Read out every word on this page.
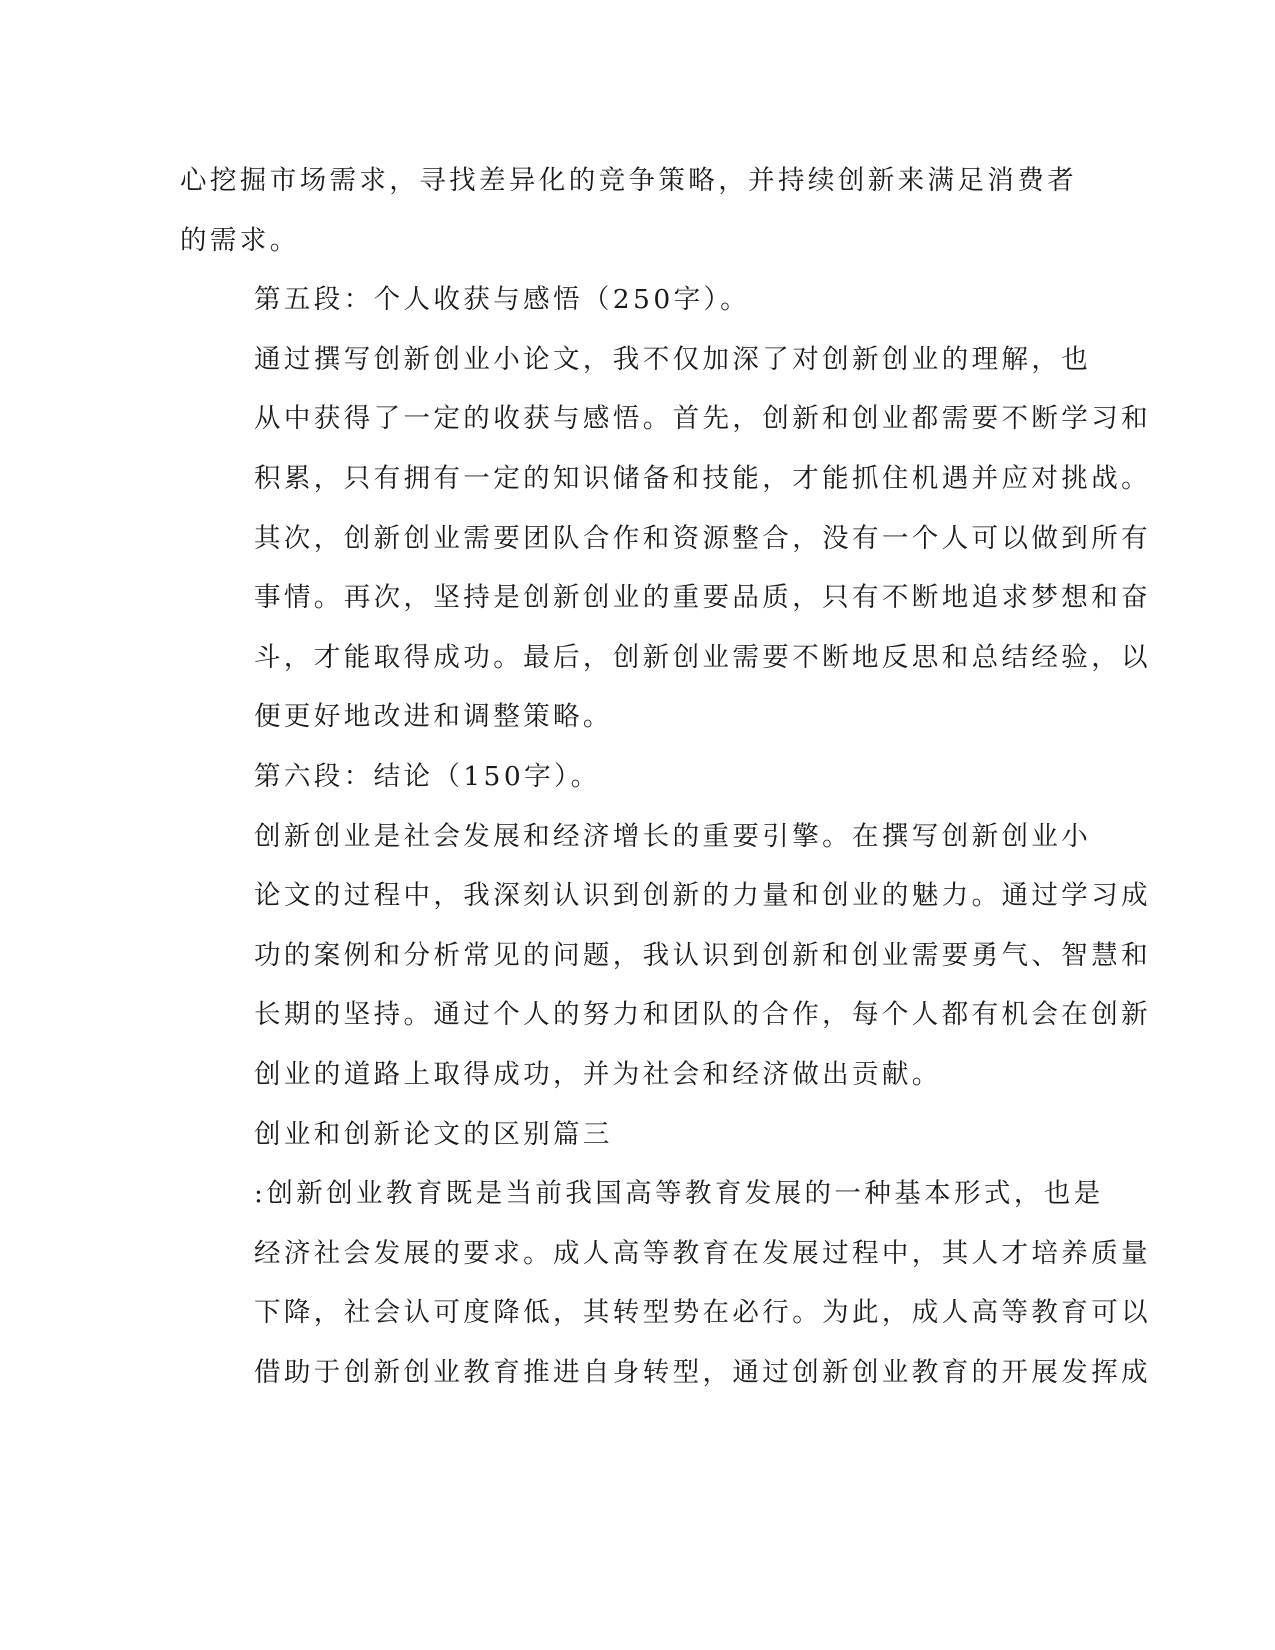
心挖掘市场需求，寻找差异化的竞争策略，并持续创新来满足消费者
的需求。

第五段：个人收获与感悟（250字）。

通过撰写创新创业小论文，我不仅加深了对创新创业的理解，也
从中获得了一定的收获与感悟。首先，创新和创业都需要不断学习和
积累，只有拥有一定的知识储备和技能，才能抓住机遇并应对挑战。
其次，创新创业需要团队合作和资源整合，没有一个人可以做到所有
事情。再次，坚持是创新创业的重要品质，只有不断地追求梦想和奋
斗，才能取得成功。最后，创新创业需要不断地反思和总结经验，以
便更好地改进和调整策略。

第六段：结论（150字）。

创新创业是社会发展和经济增长的重要引擎。在撰写创新创业小
论文的过程中，我深刻认识到创新的力量和创业的魅力。通过学习成
功的案例和分析常见的问题，我认识到创新和创业需要勇气、智慧和
长期的坚持。通过个人的努力和团队的合作，每个人都有机会在创新
创业的道路上取得成功，并为社会和经济做出贡献。

创业和创新论文的区别篇三

:创新创业教育既是当前我国高等教育发展的一种基本形式，也是
经济社会发展的要求。成人高等教育在发展过程中，其人才培养质量
下降，社会认可度降低，其转型势在必行。为此，成人高等教育可以
借助于创新创业教育推进自身转型，通过创新创业教育的开展发挥成
